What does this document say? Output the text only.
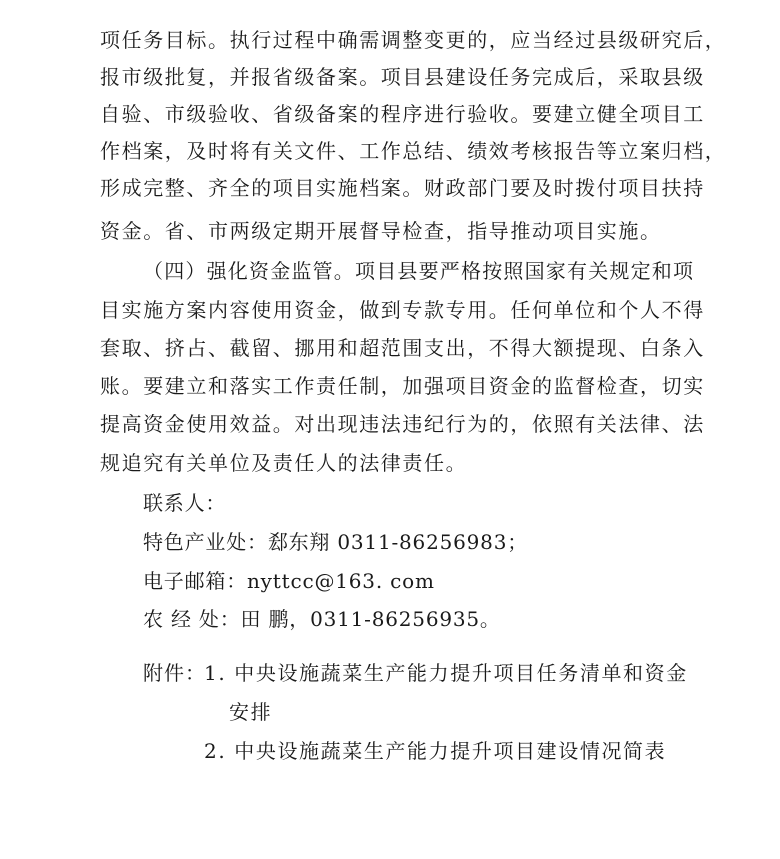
项任务目标。执行过程中确需调整变更的，应当经过县级研究后，
报市级批复，并报省级备案。项目县建设任务完成后，采取县级
自验、市级验收、省级备案的程序进行验收。要建立健全项目工
作档案，及时将有关文件、工作总结、绩效考核报告等立案归档，
形成完整、齐全的项目实施档案。财政部门要及时拨付项目扶持
资金。省、市两级定期开展督导检查，指导推动项目实施。
（四）强化资金监管。项目县要严格按照国家有关规定和项
目实施方案内容使用资金，做到专款专用。任何单位和个人不得
套取、挤占、截留、挪用和超范围支出，不得大额提现、白条入
账。要建立和落实工作责任制，加强项目资金的监督检查，切实
提高资金使用效益。对出现违法违纪行为的，依照有关法律、法
规追究有关单位及责任人的法律责任。
联系人：
特色产业处：郄东翔 0311-86256983；
电子邮箱：nyttcc@163. com
农 经 处：田 鹏，0311-86256935。
附件：
1. 中央设施蔬菜生产能力提升项目任务清单和资金
安排
2. 中央设施蔬菜生产能力提升项目建设情况简表
